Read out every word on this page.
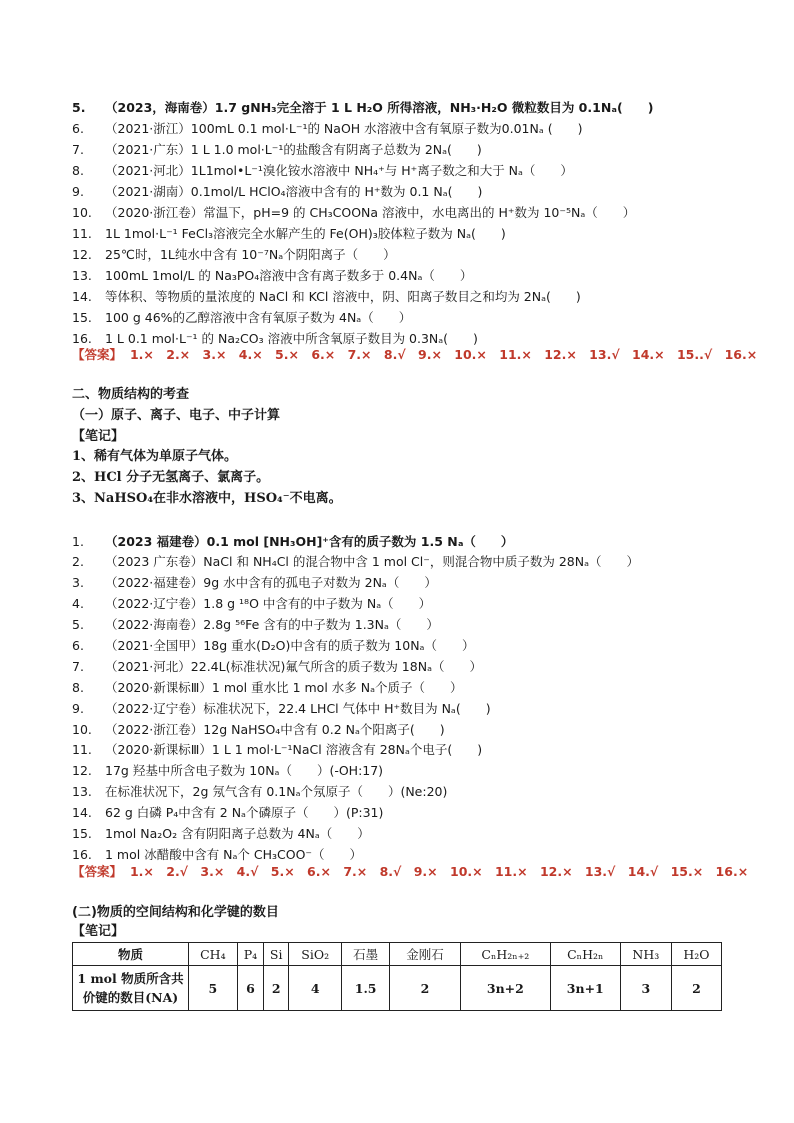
5. （2023，海南卷）1.7 gNH₃完全溶于 1 L H₂O 所得溶液，NH₃·H₂O 微粒数目为 0.1Nₐ(　　)
6. （2021·浙江）100mL 0.1 mol·L⁻¹的 NaOH 水溶液中含有氧原子数为0.01Nₐ (　　)
7. （2021·广东）1 L 1.0 mol·L⁻¹的盐酸含有阴离子总数为 2Nₐ(　　)
8. （2021·河北）1L1mol•L⁻¹溴化铵水溶液中 NH₄⁺与 H⁺离子数之和大于 Nₐ（　　）
9. （2021·湖南）0.1mol/L HClO₄溶液中含有的 H⁺数为 0.1 Nₐ(　　)
10. （2020·浙江卷）常温下，pH=9 的 CH₃COONa 溶液中，水电离出的 H⁺数为 10⁻⁵Nₐ（　　）
11. 1L 1mol·L⁻¹ FeCl₃溶液完全水解产生的 Fe(OH)₃胶体粒子数为 Nₐ(　　)
12. 25℃时，1L纯水中含有 10⁻⁷Nₐ个阴阳离子（　　）
13. 100mL 1mol/L 的 Na₃PO₄溶液中含有离子数多于 0.4Nₐ（　　）
14. 等体积、等物质的量浓度的 NaCl 和 KCl 溶液中，阴、阳离子数目之和均为 2Nₐ(　　)
15. 100 g 46%的乙醇溶液中含有氧原子数为 4Nₐ（　　）
16. 1 L 0.1 mol·L⁻¹ 的 Na₂CO₃ 溶液中所含氧原子数目为 0.3Nₐ(　　)
【答案】 1.× 2.× 3.× 4.× 5.× 6.× 7.× 8.√ 9.× 10.× 11.× 12.× 13.√ 14.× 15..√ 16.×
二、物质结构的考查
（一）原子、离子、电子、中子计算
【笔记】
1、稀有气体为单原子气体。
2、HCl 分子无氢离子、氯离子。
3、NaHSO₄在非水溶液中，HSO₄⁻不电离。
1. （2023 福建卷）0.1 mol [NH₃OH]⁺含有的质子数为 1.5 Nₐ（　　）
2. （2023 广东卷）NaCl 和 NH₄Cl 的混合物中含 1 mol Cl⁻，则混合物中质子数为 28Nₐ（　　）
3. （2022·福建卷）9g 水中含有的孤电子对数为 2Nₐ（　　）
4. （2022·辽宁卷）1.8 g ¹⁸O 中含有的中子数为 Nₐ（　　）
5. （2022·海南卷）2.8g ⁵⁶Fe 含有的中子数为 1.3Nₐ（　　）
6. （2021·全国甲）18g 重水(D₂O)中含有的质子数为 10Nₐ（　　）
7. （2021·河北）22.4L(标准状况)氟气所含的质子数为 18Nₐ（　　）
8. （2020·新课标Ⅲ）1 mol 重水比 1 mol 水多 Nₐ个质子（　　）
9. （2022·辽宁卷）标准状况下，22.4 LHCl 气体中 H⁺数目为 Nₐ(　　)
10. （2022·浙江卷）12g NaHSO₄中含有 0.2 Nₐ个阳离子(　　)
11. （2020·新课标Ⅲ）1 L 1 mol·L⁻¹NaCl 溶液含有 28Nₐ个电子(　　)
12. 17g 羟基中所含电子数为 10Nₐ（　　）(-OH:17)
13. 在标准状况下，2g 氖气含有 0.1Nₐ个氖原子（　　）(Ne:20)
14. 62 g 白磷 P₄中含有 2 Nₐ个磷原子（　　）(P:31)
15. 1mol Na₂O₂ 含有阴阳离子总数为 4Nₐ（　　）
16. 1 mol 冰醋酸中含有 Nₐ个 CH₃COO⁻（　　）
【答案】 1.× 2.√ 3.× 4.√ 5.× 6.× 7.× 8.√ 9.× 10.× 11.× 12.× 13.√ 14.√ 15.× 16.×
(二)物质的空间结构和化学键的数目
【笔记】
物质	CH₄	P₄	Si	SiO₂	石墨	金刚石	CₙH₂ₙ₊₂	CₙH₂ₙ	NH₃	H₂O
1 mol 物质所含共价键的数目(NA)	5	6	2	4	1.5	2	3n+2	3n+1	3	2
